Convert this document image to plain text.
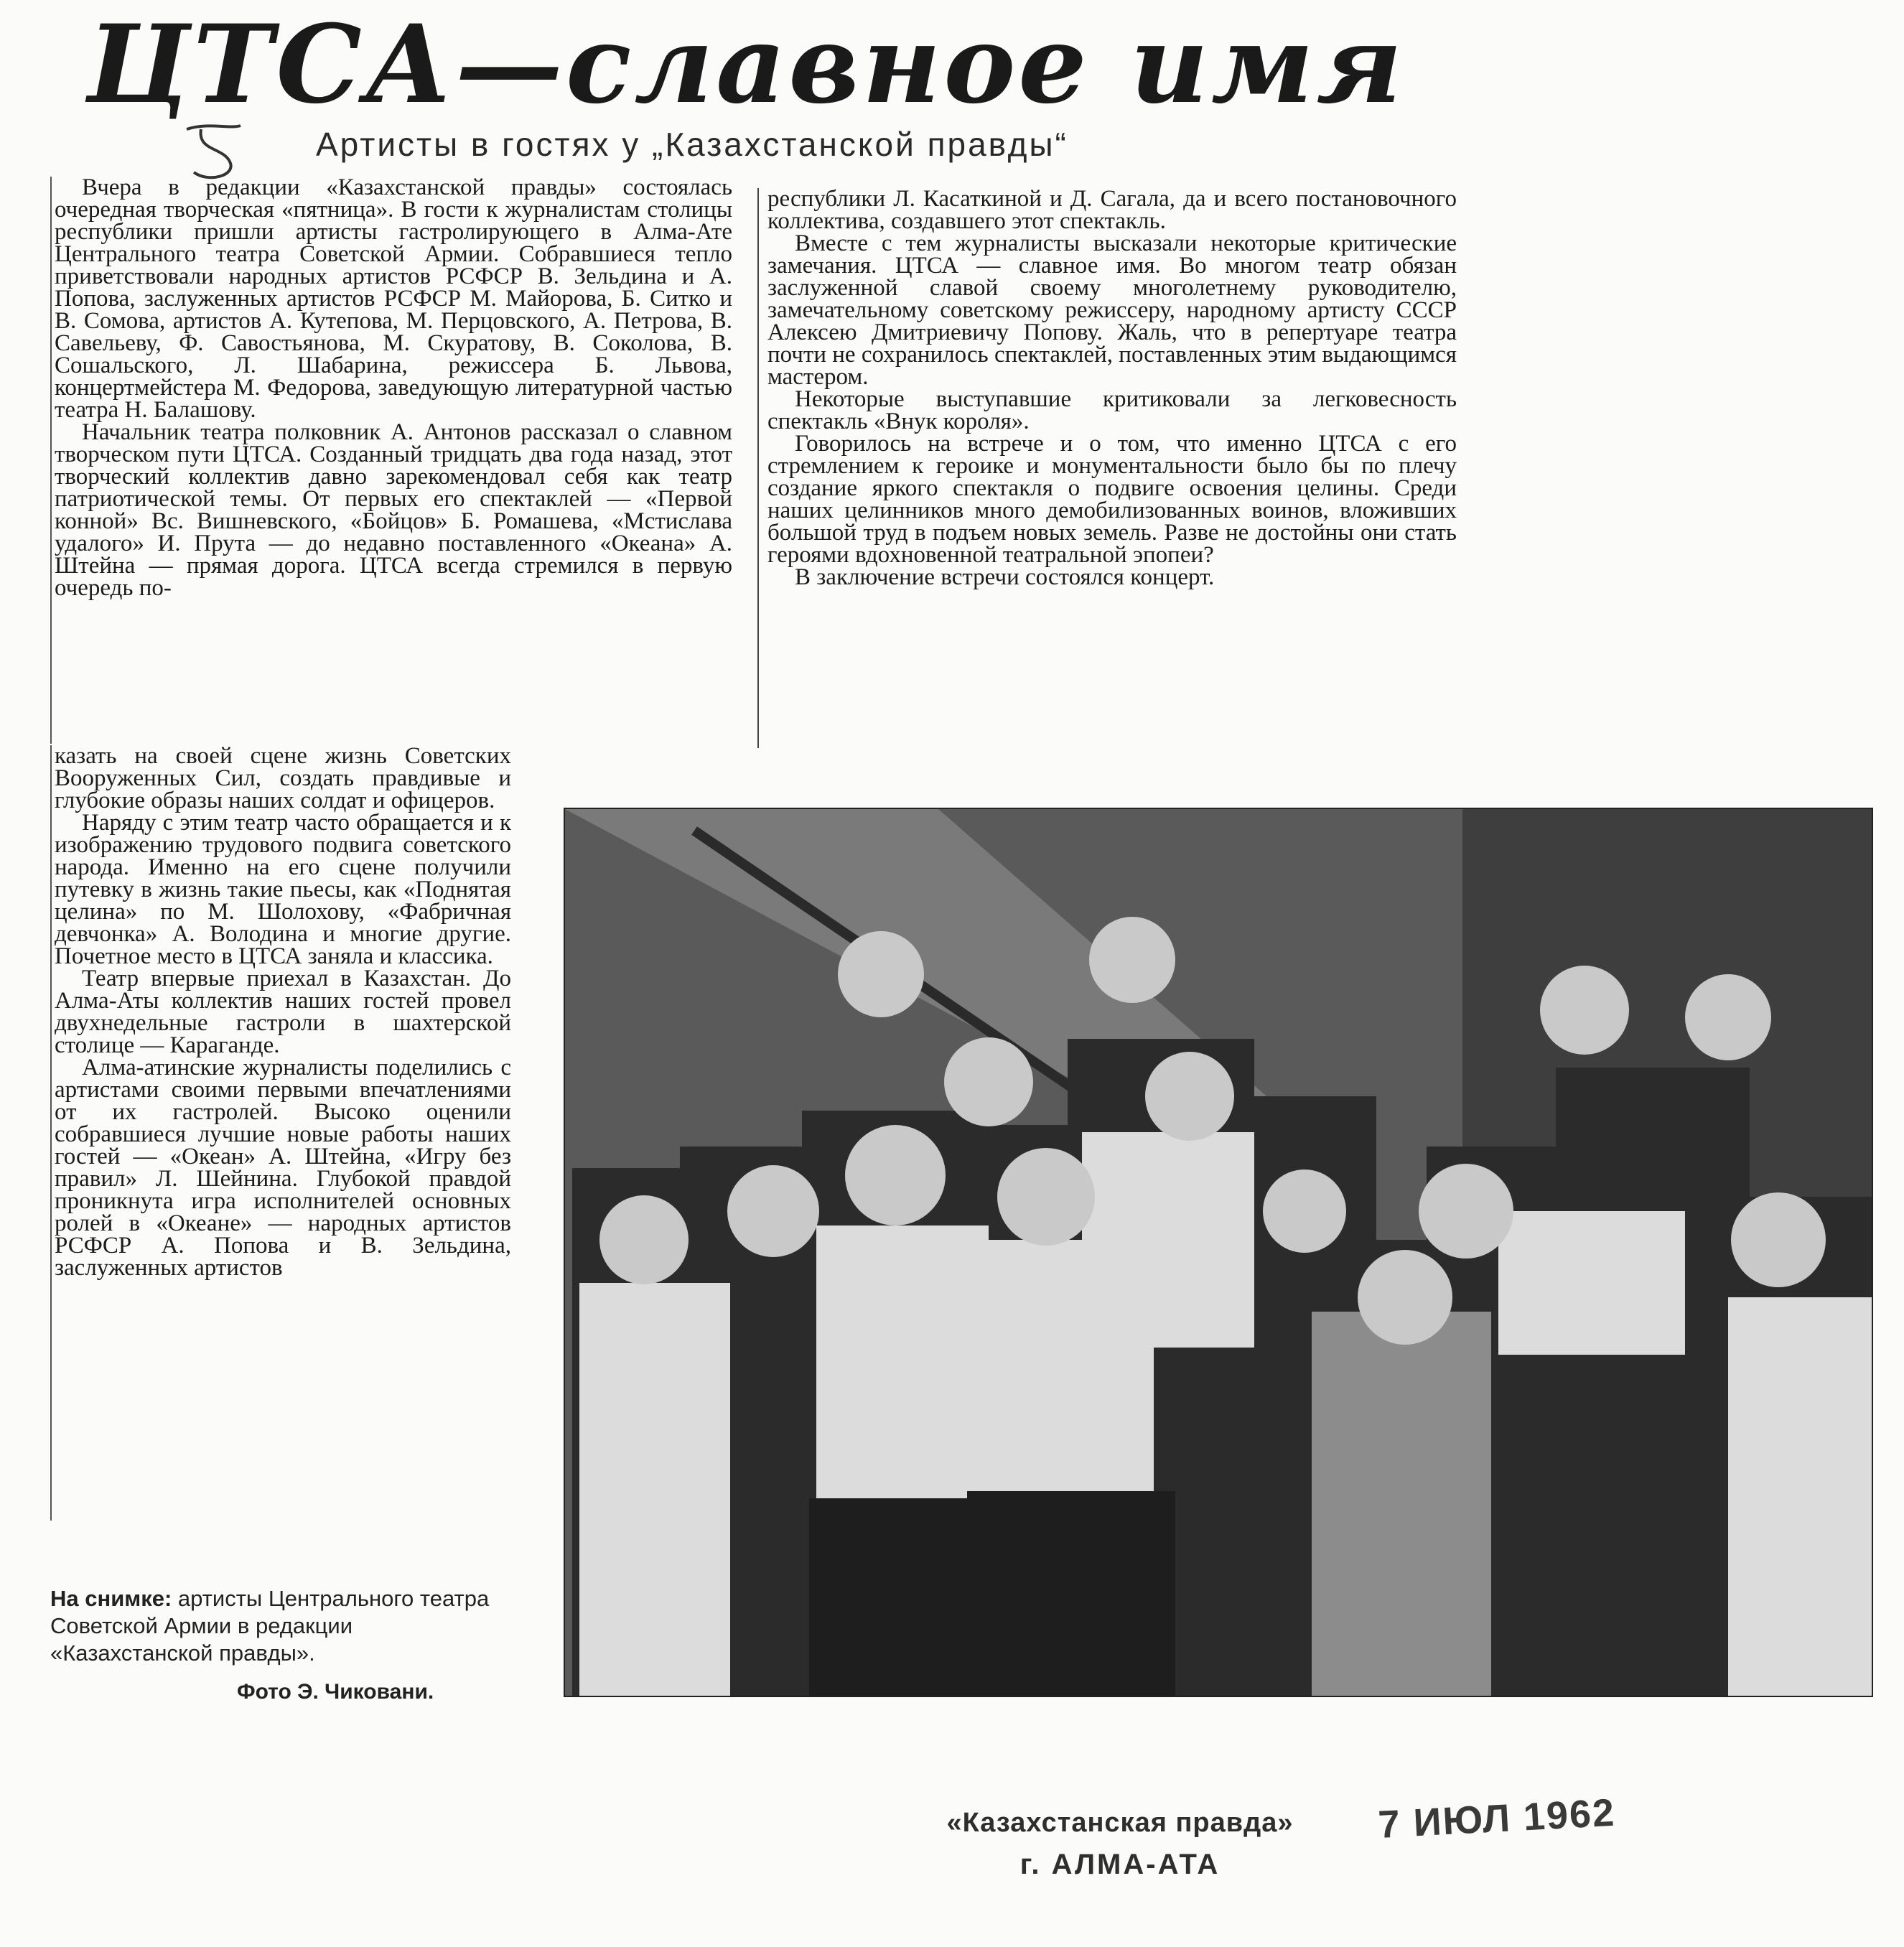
ЦТСА—славное имя
Артисты в гостях у „Казахстанской правды“

Вчера в редакции «Казахстанской правды» состоялась очередная творческая «пятница». В гости к журналистам столицы республики пришли артисты гастролирующего в Алма-Ате Центрального театра Советской Армии. Собравшиеся тепло приветствовали народных артистов РСФСР В. Зельдина и А. Попова, заслуженных артистов РСФСР М. Майорова, Б. Ситко и В. Сомова, артистов А. Кутепова, М. Перцовского, А. Петрова, В. Савельеву, Ф. Савостьянова, М. Скуратову, В. Соколова, В. Сошальского, Л. Шабарина, режиссера Б. Львова, концертмейстера М. Федорова, заведующую литературной частью театра Н. Балашову.

Начальник театра полковник А. Антонов рассказал о славном творческом пути ЦТСА. Созданный тридцать два года назад, этот творческий коллектив давно зарекомендовал себя как театр патриотической темы. От первых его спектаклей — «Первой конной» Вс. Вишневского, «Бойцов» Б. Ромашева, «Мстислава удалого» И. Прута — до недавно поставленного «Океана» А. Штейна — прямая дорога. ЦТСА всегда стремился в первую очередь по-

республики Л. Касаткиной и Д. Сагала, да и всего постановочного коллектива, создавшего этот спектакль.

Вместе с тем журналисты высказали некоторые критические замечания. ЦТСА — славное имя. Во многом театр обязан заслуженной славой своему многолетнему руководителю, замечательному советскому режиссеру, народному артисту СССР Алексею Дмитриевичу Попову. Жаль, что в репертуаре театра почти не сохранилось спектаклей, поставленных этим выдающимся мастером.

Некоторые выступавшие критиковали за легковесность спектакль «Внук короля».

Говорилось на встрече и о том, что именно ЦТСА с его стремлением к героике и монументальности было бы по плечу создание яркого спектакля о подвиге освоения целины. Среди наших целинников много демобилизованных воинов, вложивших большой труд в подъем новых земель. Разве не достойны они стать героями вдохновенной театральной эпопеи?

В заключение встречи состоялся концерт.

казать на своей сцене жизнь Советских Вооруженных Сил, создать правдивые и глубокие образы наших солдат и офицеров.

Наряду с этим театр часто обращается и к изображению трудового подвига советского народа. Именно на его сцене получили путевку в жизнь такие пьесы, как «Поднятая целина» по М. Шолохову, «Фабричная девчонка» А. Володина и многие другие. Почетное место в ЦТСА заняла и классика.

Театр впервые приехал в Казахстан. До Алма-Аты коллектив наших гостей провел двухнедельные гастроли в шахтерской столице — Караганде.

Алма-атинские журналисты поделились с артистами своими первыми впечатлениями от их гастролей. Высоко оценили собравшиеся лучшие новые работы наших гостей — «Океан» А. Штейна, «Игру без правил» Л. Шейнина. Глубокой правдой проникнута игра исполнителей основных ролей в «Океане» — народных артистов РСФСР А. Попова и В. Зельдина, заслуженных артистов

На снимке: артисты Центрального театра Советской Армии в редакции «Казахстанской правды».
Фото Э. Чиковани.
«Казахстанская правда»
г. АЛМА-АТА
7 ИЮЛ 1962
